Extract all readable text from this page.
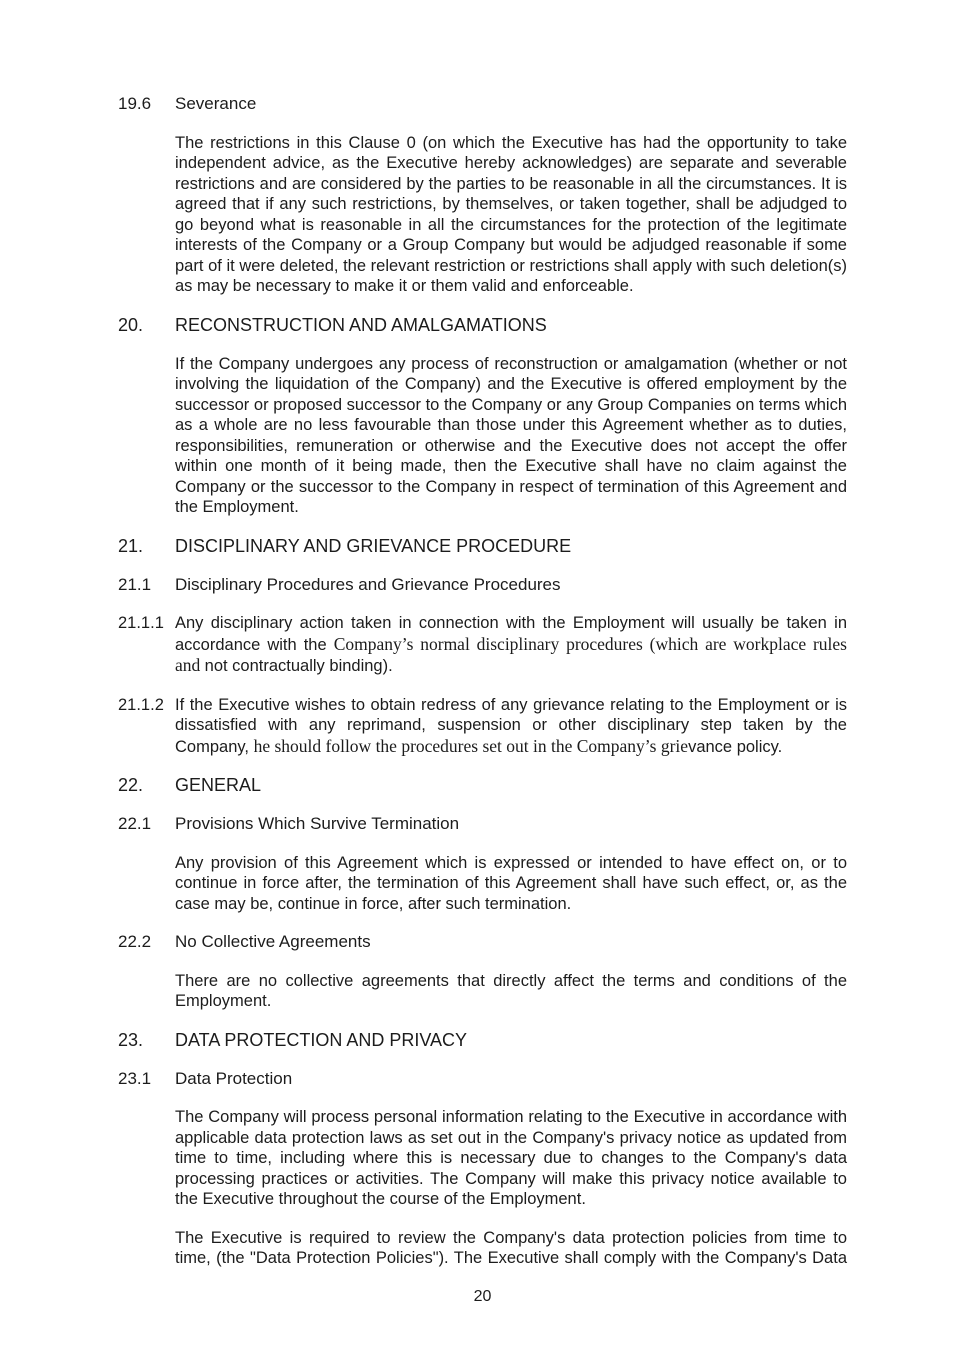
19.6	Severance

The restrictions in this Clause 0 (on which the Executive has had the opportunity to take independent advice, as the Executive hereby acknowledges) are separate and severable restrictions and are considered by the parties to be reasonable in all the circumstances. It is agreed that if any such restrictions, by themselves, or taken together, shall be adjudged to go beyond what is reasonable in all the circumstances for the protection of the legitimate interests of the Company or a Group Company but would be adjudged reasonable if some part of it were deleted, the relevant restriction or restrictions shall apply with such deletion(s) as may be necessary to make it or them valid and enforceable.

20.	RECONSTRUCTION AND AMALGAMATIONS

If the Company undergoes any process of reconstruction or amalgamation (whether or not involving the liquidation of the Company) and the Executive is offered employment by the successor or proposed successor to the Company or any Group Companies on terms which as a whole are no less favourable than those under this Agreement whether as to duties, responsibilities, remuneration or otherwise and the Executive does not accept the offer within one month of it being made, then the Executive shall have no claim against the Company or the successor to the Company in respect of termination of this Agreement and the Employment.

21.	DISCIPLINARY AND GRIEVANCE PROCEDURE
21.1	Disciplinary Procedures and Grievance Procedures
21.1.1 Any disciplinary action taken in connection with the Employment will usually be taken in accordance with the Company’s normal disciplinary procedures (which are workplace rules and not contractually binding).

21.1.2 If the Executive wishes to obtain redress of any grievance relating to the Employment or is dissatisfied with any reprimand, suspension or other disciplinary step taken by the Company, he should follow the procedures set out in the Company’s grievance policy.

22.	GENERAL
22.1	Provisions Which Survive Termination

Any provision of this Agreement which is expressed or intended to have effect on, or to continue in force after, the termination of this Agreement shall have such effect, or, as the case may be, continue in force, after such termination.

22.2	No Collective Agreements

There are no collective agreements that directly affect the terms and conditions of the Employment.

23.	DATA PROTECTION AND PRIVACY
23.1	Data Protection

The Company will process personal information relating to the Executive in accordance with applicable data protection laws as set out in the Company's privacy notice as updated from time to time, including where this is necessary due to changes to the Company's data processing practices or activities. The Company will make this privacy notice available to the Executive throughout the course of the Employment.

The Executive is required to review the Company's data protection policies from time to time, (the "Data Protection Policies"). The Executive shall comply with the Company's Data

20
